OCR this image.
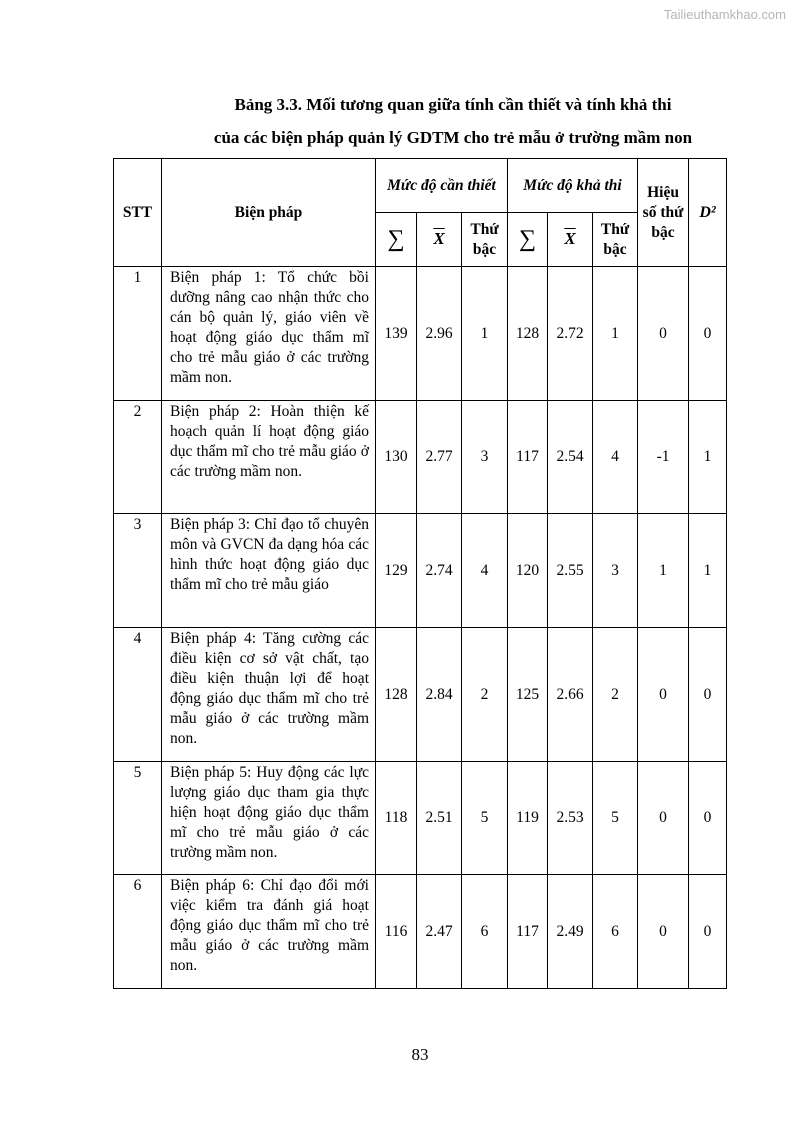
Tailieuthamkhao.com
Bảng 3.3. Mối tương quan giữa tính cần thiết và tính khả thi
của các biện pháp quản lý GDTM cho trẻ mẫu ở trường mầm non
STT	Biện pháp	Mức độ cần thiết			Mức độ khả thi			Hiệu số thứ bậc	D²
		∑	$\overline{X}$	Thứ bậc	∑	$\overline{X}$	Thứ bậc		
1	Biện pháp 1: Tổ chức bồi dưỡng nâng cao nhận thức cho cán bộ quản lý, giáo viên về hoạt động giáo dục thẩm mĩ cho trẻ mẫu giáo ở các trường mầm non.	139	2.96	1	128	2.72	1	0	0
2	Biện pháp 2: Hoàn thiện kế hoạch quản lí hoạt động giáo dục thẩm mĩ cho trẻ mẫu giáo ở các trường mầm non.	130	2.77	3	117	2.54	4	-1	1
3	Biện pháp 3: Chỉ đạo tổ chuyên môn và GVCN đa dạng hóa các hình thức hoạt động giáo dục thẩm mĩ cho trẻ mẫu giáo	129	2.74	4	120	2.55	3	1	1
4	Biện pháp 4: Tăng cường các điều kiện cơ sở vật chất, tạo điều kiện thuận lợi để hoạt động giáo dục thẩm mĩ cho trẻ mẫu giáo ở các trường mầm non.	128	2.84	2	125	2.66	2	0	0
5	Biện pháp 5: Huy động các lực lượng giáo dục tham gia thực hiện hoạt động giáo dục thẩm mĩ cho trẻ mẫu giáo ở các trường mầm non.	118	2.51	5	119	2.53	5	0	0
6	Biện pháp 6: Chỉ đạo đổi mới việc kiểm tra đánh giá hoạt động giáo dục thẩm mĩ cho trẻ mẫu giáo ở các trường mầm non.	116	2.47	6	117	2.49	6	0	0
83
